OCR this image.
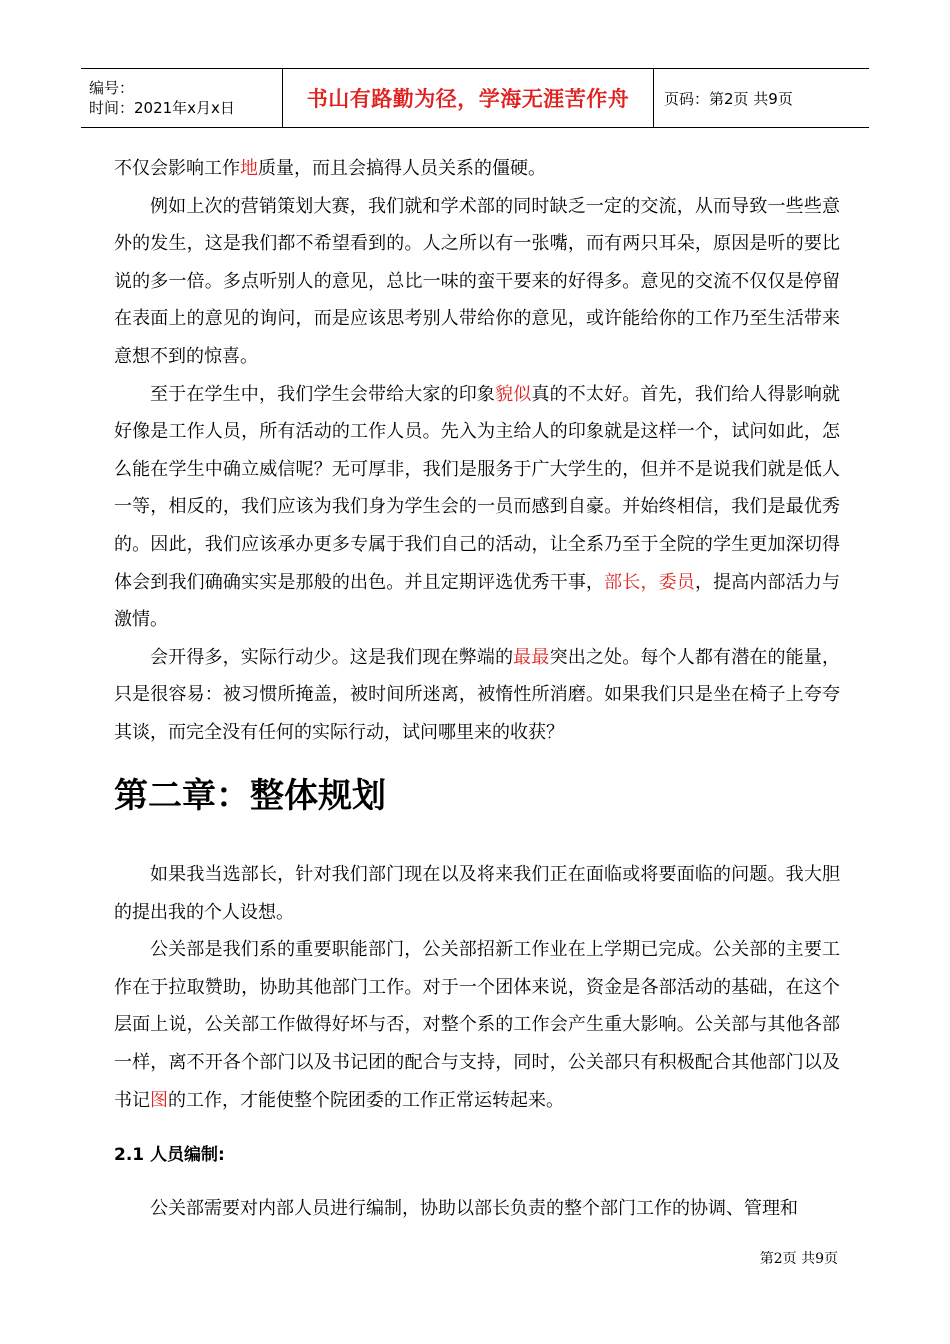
编号：
时间：2021年x月x日	书山有路勤为径，学海无涯苦作舟	页码：第2页 共9页

不仅会影响工作地质量，而且会搞得人员关系的僵硬。

例如上次的营销策划大赛，我们就和学术部的同时缺乏一定的交流，从而导致一些些意外的发生，这是我们都不希望看到的。人之所以有一张嘴，而有两只耳朵，原因是听的要比说的多一倍。多点听别人的意见，总比一味的蛮干要来的好得多。意见的交流不仅仅是停留在表面上的意见的询问，而是应该思考别人带给你的意见，或许能给你的工作乃至生活带来意想不到的惊喜。

至于在学生中，我们学生会带给大家的印象貌似真的不太好。首先，我们给人得影响就好像是工作人员，所有活动的工作人员。先入为主给人的印象就是这样一个，试问如此，怎么能在学生中确立威信呢？无可厚非，我们是服务于广大学生的，但并不是说我们就是低人一等，相反的，我们应该为我们身为学生会的一员而感到自豪。并始终相信，我们是最优秀的。因此，我们应该承办更多专属于我们自己的活动，让全系乃至于全院的学生更加深切得体会到我们确确实实是那般的出色。并且定期评选优秀干事，部长，委员，提高内部活力与激情。

会开得多，实际行动少。这是我们现在弊端的最最突出之处。每个人都有潜在的能量，只是很容易：被习惯所掩盖，被时间所迷离，被惰性所消磨。如果我们只是坐在椅子上夸夸其谈，而完全没有任何的实际行动，试问哪里来的收获？

第二章：整体规划

如果我当选部长，针对我们部门现在以及将来我们正在面临或将要面临的问题。我大胆的提出我的个人设想。

公关部是我们系的重要职能部门，公关部招新工作业在上学期已完成。公关部的主要工作在于拉取赞助，协助其他部门工作。对于一个团体来说，资金是各部活动的基础，在这个层面上说，公关部工作做得好坏与否，对整个系的工作会产生重大影响。公关部与其他各部一样，离不开各个部门以及书记团的配合与支持，同时，公关部只有积极配合其他部门以及书记图的工作，才能使整个院团委的工作正常运转起来。

2.1 人员编制:

公关部需要对内部人员进行编制，协助以部长负责的整个部门工作的协调、管理和

第2页 共9页
